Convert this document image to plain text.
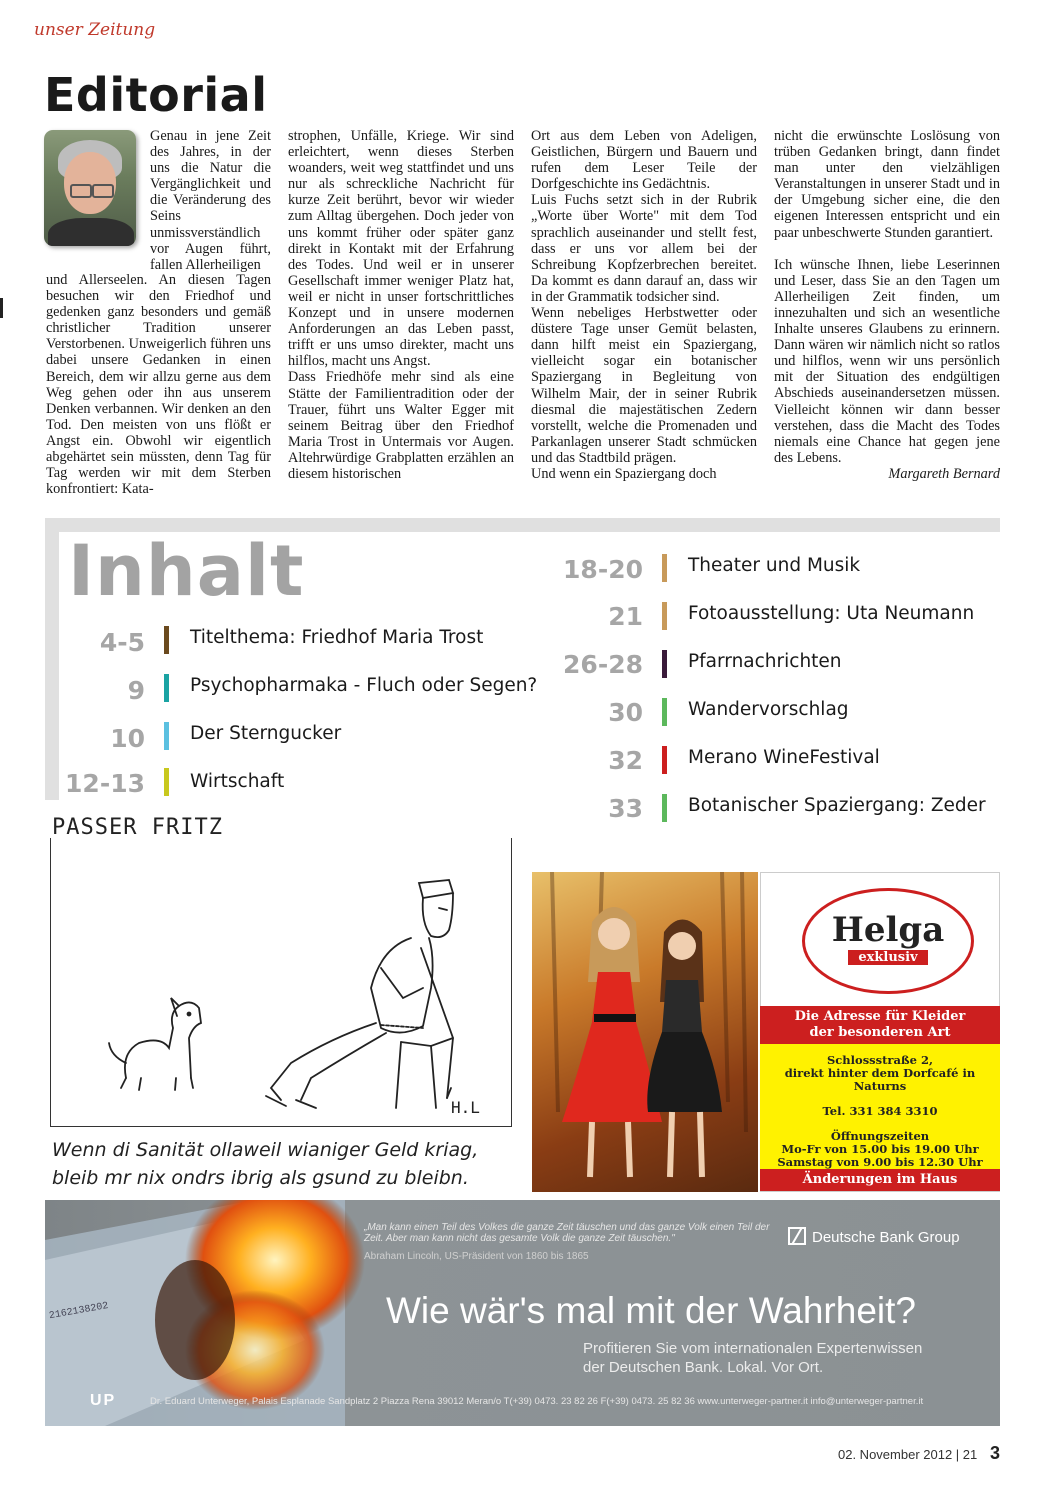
unser Zeitung
Editorial

Genau in jene Zeit des Jahres, in der uns die Natur die Vergänglichkeit und die Veränderung des Seins unmissverständlich vor Augen führt, fallen Allerheiligen

und Allerseelen. An diesen Tagen besuchen wir den Friedhof und gedenken ganz besonders und gemäß christlicher Tradition unserer Verstorbenen. Unweigerlich führen uns dabei unsere Gedanken in einen Bereich, dem wir allzu gerne aus dem Weg gehen oder ihn aus unserem Denken verbannen. Wir denken an den Tod. Den meisten von uns flößt er Angst ein. Obwohl wir eigentlich abgehärtet sein müssten, denn Tag für Tag werden wir mit dem Sterben konfrontiert: Kata-

strophen, Unfälle, Kriege. Wir sind erleichtert, wenn dieses Sterben woanders, weit weg stattfindet und uns nur als schreckliche Nachricht für kurze Zeit berührt, bevor wir wieder zum Alltag übergehen. Doch jeder von uns kommt früher oder später ganz direkt in Kontakt mit der Erfahrung des Todes. Und weil er in unserer Gesellschaft immer weniger Platz hat, weil er nicht in unser fortschrittliches Konzept und in unsere modernen Anforderungen an das Leben passt, trifft er uns umso direkter, macht uns hilflos, macht uns Angst.

Dass Friedhöfe mehr sind als eine Stätte der Familientradition oder der Trauer, führt uns Walter Egger mit seinem Beitrag über den Friedhof Maria Trost in Untermais vor Augen. Altehrwürdige Grabplatten erzählen an diesem historischen

Ort aus dem Leben von Adeligen, Geistlichen, Bürgern und Bauern und rufen dem Leser Teile der Dorfgeschichte ins Gedächtnis.

Luis Fuchs setzt sich in der Rubrik „Worte über Worte" mit dem Tod sprachlich auseinander und stellt fest, dass er uns vor allem bei der Schreibung Kopfzerbrechen bereitet. Da kommt es dann darauf an, dass wir in der Grammatik todsicher sind.

Wenn nebeliges Herbstwetter oder düstere Tage unser Gemüt belasten, dann hilft meist ein Spaziergang, vielleicht sogar ein botanischer Spaziergang in Begleitung von Wilhelm Mair, der in seiner Rubrik diesmal die majestätischen Zedern vorstellt, welche die Promenaden und Parkanlagen unserer Stadt schmücken und das Stadtbild prägen.

Und wenn ein Spaziergang doch

nicht die erwünschte Loslösung von trüben Gedanken bringt, dann findet man unter den vielzähligen Veranstaltungen in unserer Stadt und in der Umgebung sicher eine, die den eigenen Interessen entspricht und ein paar unbeschwerte Stunden garantiert.

Ich wünsche Ihnen, liebe Leserinnen und Leser, dass Sie an den Tagen um Allerheiligen Zeit finden, um innezuhalten und sich an wesentliche Inhalte unseres Glaubens zu erinnern. Dann wären wir nämlich nicht so ratlos und hilflos, wenn wir uns persönlich mit der Situation des endgültigen Abschieds auseinandersetzen müssen. Vielleicht können wir dann besser verstehen, dass die Macht des Todes niemals eine Chance hat gegen jene des Lebens.

Margareth Bernard

Inhalt
4-5 Titelthema: Friedhof Maria Trost
9 Psychopharmaka - Fluch oder Segen?
10 Der Sterngucker
12-13 Wirtschaft
18-20 Theater und Musik
21 Fotoausstellung: Uta Neumann
26-28 Pfarrnachrichten
30 Wandervorschlag
32 Merano WineFestival
33 Botanischer Spaziergang: Zeder
PASSER FRITZ
H.L
Wenn di Sanität ollaweil wianiger Geld kriag,
bleib mr nix ondrs ibrig als gsund zu bleibn.
Helga
exklusiv
Die Adresse für Kleider
der besonderen Art
Schlossstraße 2,
direkt hinter dem Dorfcafé in Naturns
Tel. 331 384 3310
Öffnungszeiten
Mo-Fr von 15.00 bis 19.00 Uhr
Samstag von 9.00 bis 12.30 Uhr
Änderungen im Haus
2162138202
„Man kann einen Teil des Volkes die ganze Zeit täuschen und das ganze Volk einen Teil der Zeit. Aber man kann nicht das gesamte Volk die ganze Zeit täuschen."
Abraham Lincoln, US-Präsident von 1860 bis 1865
Deutsche Bank Group
Wie wär's mal mit der Wahrheit?
Profitieren Sie vom internationalen Expertenwissen
der Deutschen Bank. Lokal. Vor Ort.
UP	Dr. Eduard Unterweger, Palais Esplanade Sandplatz 2 Piazza Rena 39012 Meran/o T(+39) 0473. 23 82 26 F(+39) 0473. 25 82 36 www.unterweger-partner.it info@unterweger-partner.it
02. November 2012 | 21 3
